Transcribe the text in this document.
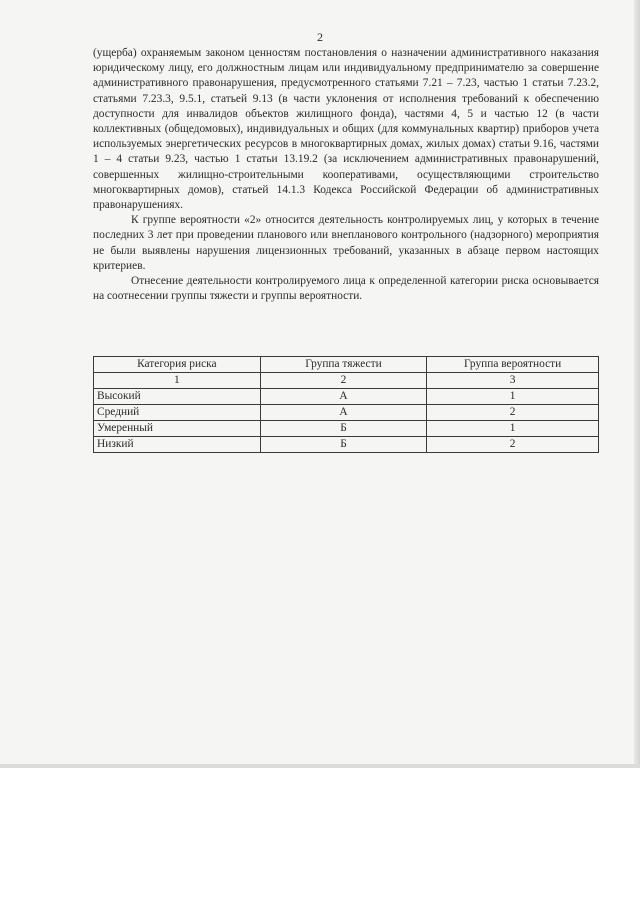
2

(ущерба) охраняемым законом ценностям постановления о назначении административного наказания юридическому лицу, его должностным лицам или индивидуальному предпринимателю за совершение административного правонарушения, предусмотренного статьями 7.21 – 7.23, частью 1 статьи 7.23.2, статьями 7.23.3, 9.5.1, статьей 9.13 (в части уклонения от исполнения требований к обеспечению доступности для инвалидов объектов жилищного фонда), частями 4, 5 и частью 12 (в части коллективных (общедомовых), индивидуальных и общих (для коммунальных квартир) приборов учета используемых энергетических ресурсов в многоквартирных домах, жилых домах) статьи 9.16, частями 1 – 4 статьи 9.23, частью 1 статьи 13.19.2 (за исключением административных правонарушений, совершенных жилищно-строительными кооперативами, осуществляющими строительство многоквартирных домов), статьей 14.1.3 Кодекса Российской Федерации об административных правонарушениях.

К группе вероятности «2» относится деятельность контролируемых лиц, у которых в течение последних 3 лет при проведении планового или внепланового контрольного (надзорного) мероприятия не были выявлены нарушения лицензионных требований, указанных в абзаце первом настоящих критериев.

Отнесение деятельности контролируемого лица к определенной категории риска основывается на соотнесении группы тяжести и группы вероятности.

Категория риска	Группа тяжести	Группа вероятности
1	2	3
Высокий	А	1
Средний	А	2
Умеренный	Б	1
Низкий	Б	2
